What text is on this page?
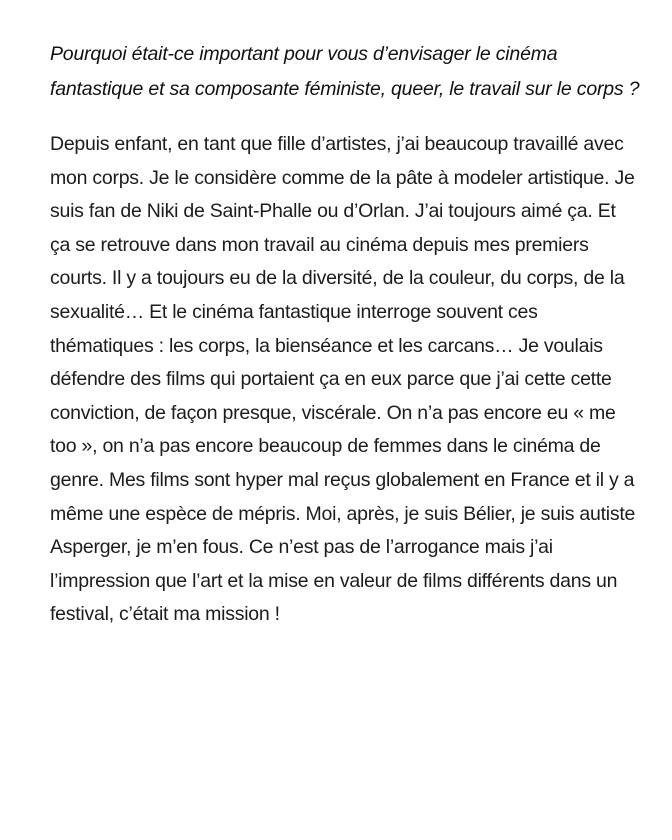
Pourquoi était-ce important pour vous d’envisager le cinéma fantastique et sa composante féministe, queer, le travail sur le corps ?

Depuis enfant, en tant que fille d’artistes, j’ai beaucoup travaillé avec mon corps. Je le considère comme de la pâte à modeler artistique. Je suis fan de Niki de Saint-Phalle ou d’Orlan. J’ai toujours aimé ça. Et ça se retrouve dans mon travail au cinéma depuis mes premiers courts. Il y a toujours eu de la diversité, de la couleur, du corps, de la sexualité… Et le cinéma fantastique interroge souvent ces thématiques : les corps, la bienséance et les carcans… Je voulais défendre des films qui portaient ça en eux parce que j’ai cette cette conviction, de façon presque, viscérale. On n’a pas encore eu « me too », on n’a pas encore beaucoup de femmes dans le cinéma de genre. Mes films sont hyper mal reçus globalement en France et il y a même une espèce de mépris. Moi, après, je suis Bélier, je suis autiste Asperger, je m’en fous. Ce n’est pas de l’arrogance mais j’ai l’impression que l’art et la mise en valeur de films différents dans un festival, c’était ma mission !
